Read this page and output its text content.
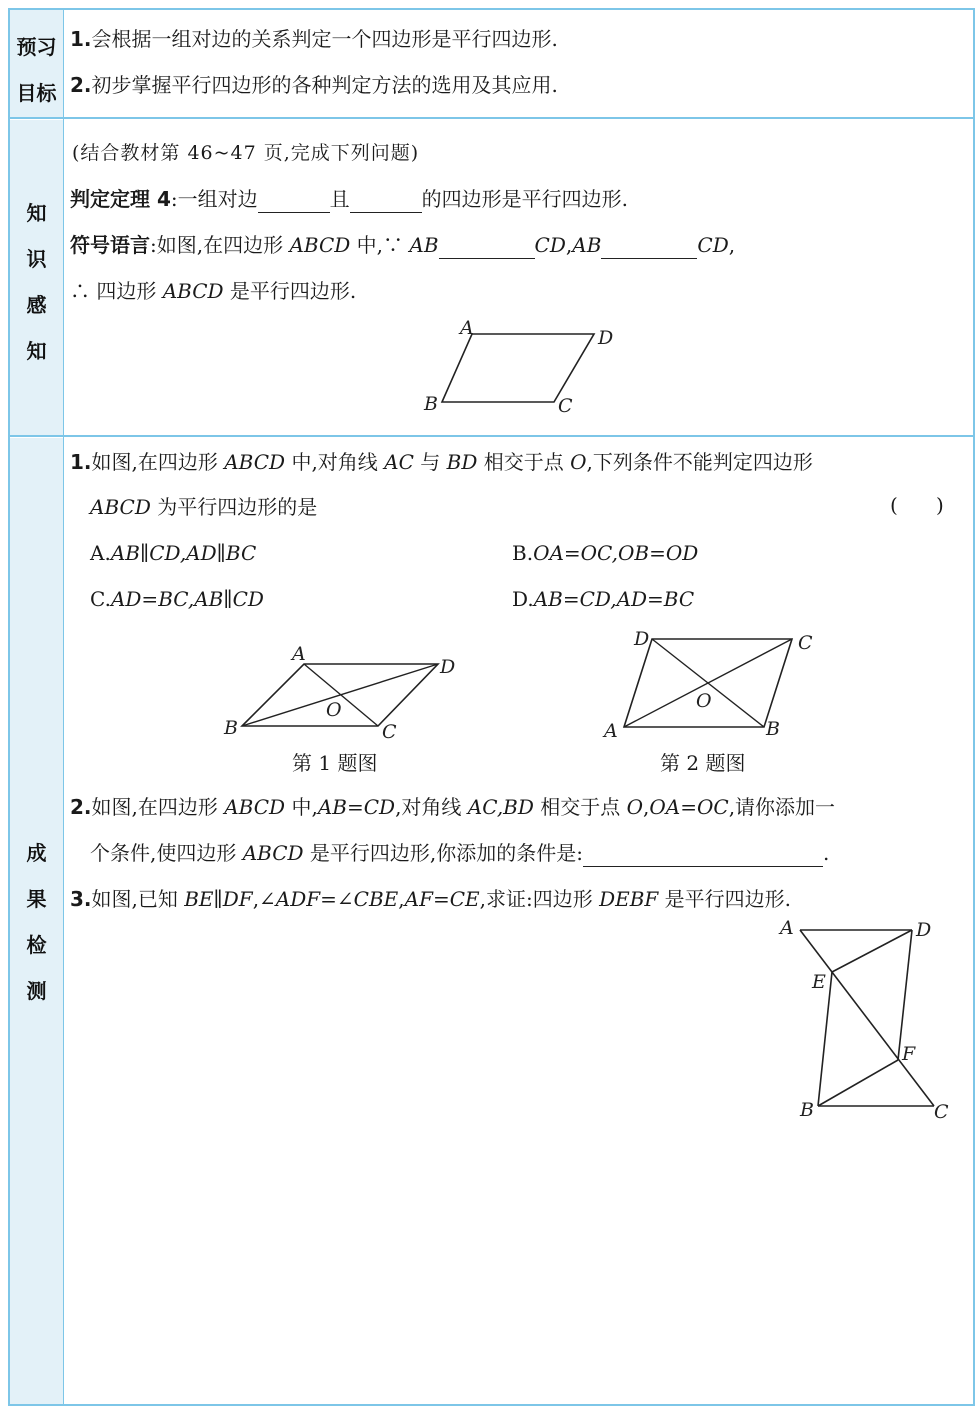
预习
目标
1.会根据一组对边的关系判定一个四边形是平行四边形.
2.初步掌握平行四边形的各种判定方法的选用及其应用.
知
识
感
知
(结合教材第 46~47 页,完成下列问题)
判定定理 4:一组对边	且	的四边形是平行四边形.
符号语言:如图,在四边形 ABCD 中,∵ AB	CD,AB	CD,
∴ 四边形 ABCD 是平行四边形.
A	D
B	C
成
果
检
测
1.如图,在四边形 ABCD 中,对角线 AC 与 BD 相交于点 O,下列条件不能判定四边形
ABCD 为平行四边形的是	(      )
A.AB∥CD,AD∥BC	B.OA=OC,OB=OD
C.AD=BC,AB∥CD	D.AB=CD,AD=BC
A
D
B	C
O
第 1 题图
D	C
A	B
O
第 2 题图
2.如图,在四边形 ABCD 中,AB=CD,对角线 AC,BD 相交于点 O,OA=OC,请你添加一
个条件,使四边形 ABCD 是平行四边形,你添加的条件是:	.
3.如图,已知 BE∥DF,∠ADF=∠CBE,AF=CE,求证:四边形 DEBF 是平行四边形.
A	D
E
F
B	C
